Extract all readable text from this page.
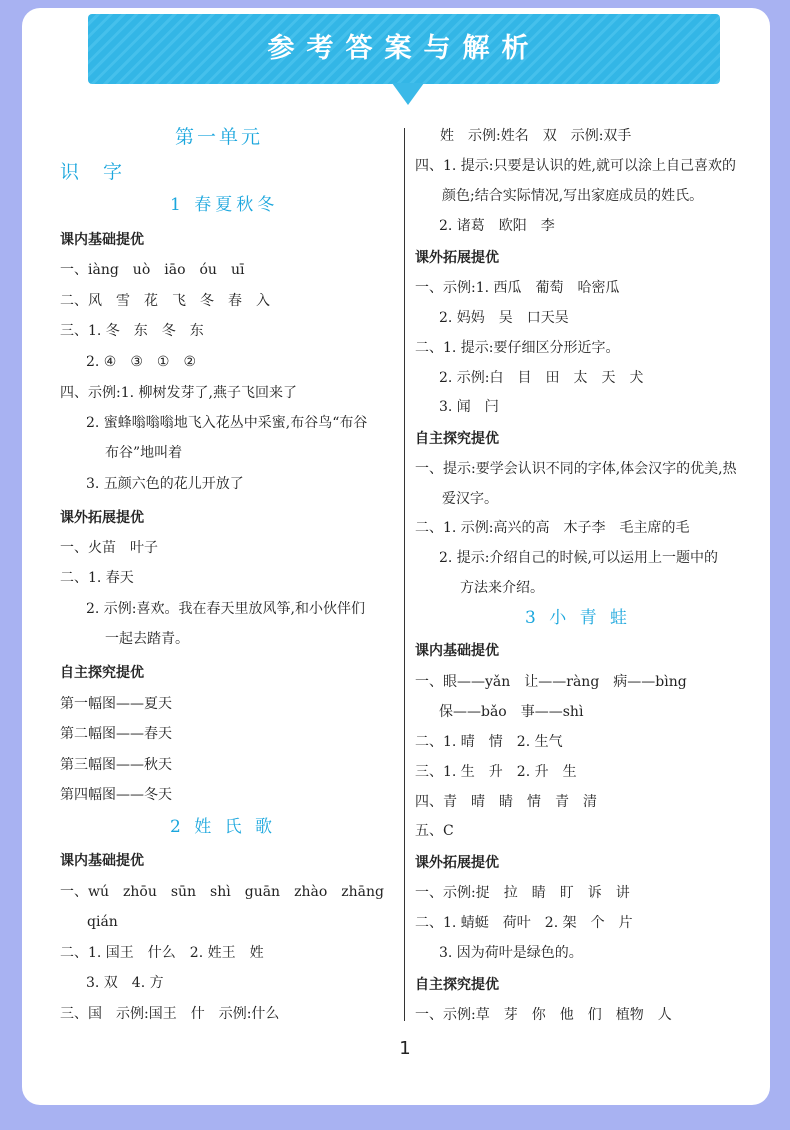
参考答案与解析
第一单元
识字
1 春夏秋冬
课内基础提优
一、iàng　uò　iāo　óu　uī
二、风　雪　花　飞　冬　春　入
三、1. 冬　东　冬　东
2. ④　③　①　②
四、示例:1. 柳树发芽了,燕子飞回来了
2. 蜜蜂嗡嗡嗡地飞入花丛中采蜜,布谷鸟“布谷
布谷”地叫着
3. 五颜六色的花儿开放了
课外拓展提优
一、火苗　叶子
二、1. 春天
2. 示例:喜欢。我在春天里放风筝,和小伙伴们
一起去踏青。
自主探究提优
第一幅图——夏天
第二幅图——春天
第三幅图——秋天
第四幅图——冬天
2 姓 氏 歌
课内基础提优
一、wú　zhōu　sūn　shì　guān　zhào　zhāng
qián
二、1. 国王　什么　2. 姓王　姓
3. 双　4. 方
三、国　示例:国王　什　示例:什么
姓　示例:姓名　双　示例:双手
四、1. 提示:只要是认识的姓,就可以涂上自己喜欢的
颜色;结合实际情况,写出家庭成员的姓氏。
2. 诸葛　欧阳　李
课外拓展提优
一、示例:1. 西瓜　葡萄　哈密瓜
2. 妈妈　吴　口天吴
二、1. 提示:要仔细区分形近字。
2. 示例:白　目　田　太　天　犬
3. 闻　闩
自主探究提优
一、提示:要学会认识不同的字体,体会汉字的优美,热
爱汉字。
二、1. 示例:高兴的高　木子李　毛主席的毛
2. 提示:介绍自己的时候,可以运用上一题中的
方法来介绍。
3 小 青 蛙
课内基础提优
一、眼——yǎn　让——ràng　病——bìng
保——bǎo　事——shì
二、1. 晴　情　2. 生气
三、1. 生　升　2. 升　生
四、青　晴　睛　情　青　清
五、C
课外拓展提优
一、示例:捉　拉　睛　盯　诉　讲
二、1. 蜻蜓　荷叶　2. 架　个　片
3. 因为荷叶是绿色的。
自主探究提优
一、示例:草　芽　你　他　们　植物　人
1
